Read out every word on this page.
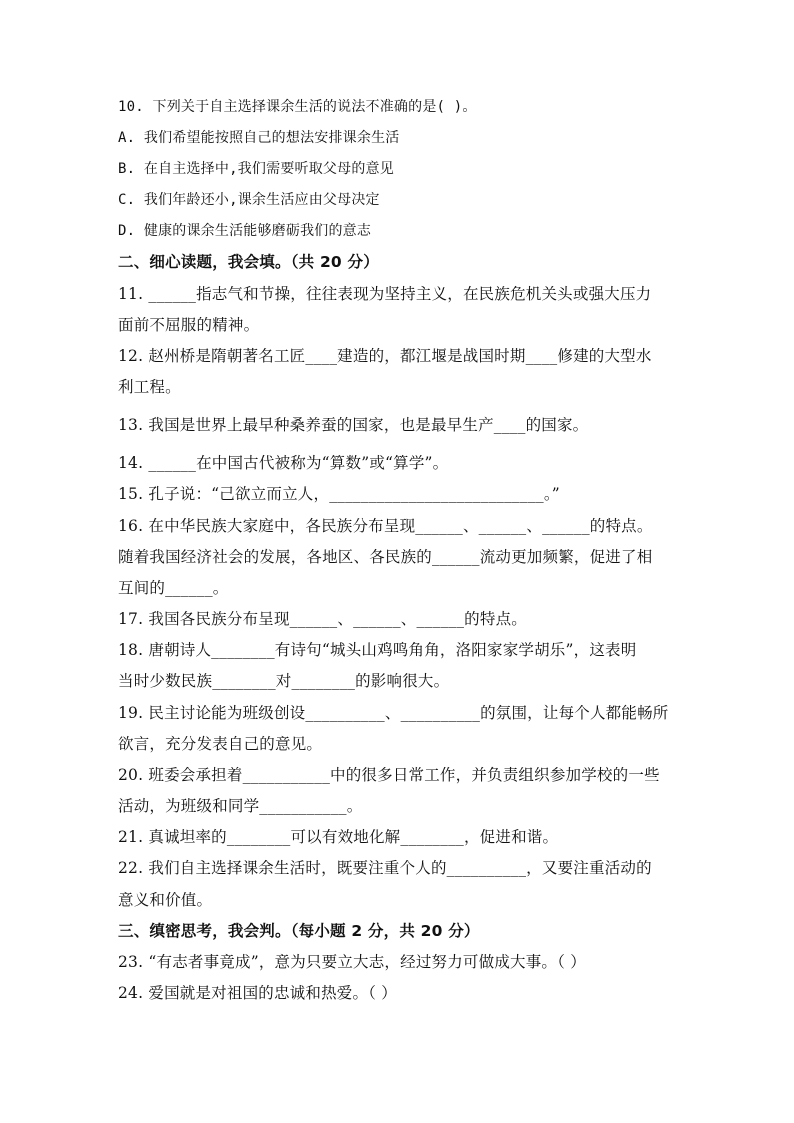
10. 下列关于自主选择课余生活的说法不准确的是( )。
A. 我们希望能按照自己的想法安排课余生活
B. 在自主选择中,我们需要听取父母的意见
C. 我们年龄还小,课余生活应由父母决定
D. 健康的课余生活能够磨砺我们的意志
二、细心读题，我会填。（共 20 分）
11. ______指志气和节操，往往表现为坚持主义，在民族危机关头或强大压力
面前不屈服的精神。
12. 赵州桥是隋朝著名工匠____建造的，都江堰是战国时期____修建的大型水
利工程。
13. 我国是世界上最早种桑养蚕的国家，也是最早生产____的国家。
14. ______在中国古代被称为“算数”或“算学”。
15. 孔子说：“己欲立而立人，___________________________。”
16. 在中华民族大家庭中，各民族分布呈现______、______、______的特点。
随着我国经济社会的发展，各地区、各民族的______流动更加频繁，促进了相
互间的______。
17. 我国各民族分布呈现______、______、______的特点。
18. 唐朝诗人________有诗句“城头山鸡鸣角角，洛阳家家学胡乐”，这表明
当时少数民族________对________的影响很大。
19. 民主讨论能为班级创设__________、__________的氛围，让每个人都能畅所
欲言，充分发表自己的意见。
20. 班委会承担着___________中的很多日常工作，并负责组织参加学校的一些
活动，为班级和同学___________。
21. 真诚坦率的________可以有效地化解________，促进和谐。
22. 我们自主选择课余生活时，既要注重个人的__________，又要注重活动的
意义和价值。
三、缜密思考，我会判。（每小题 2 分，共 20 分）
23. “有志者事竟成”，意为只要立大志，经过努力可做成大事。（ ）
24. 爱国就是对祖国的忠诚和热爱。（ ）
